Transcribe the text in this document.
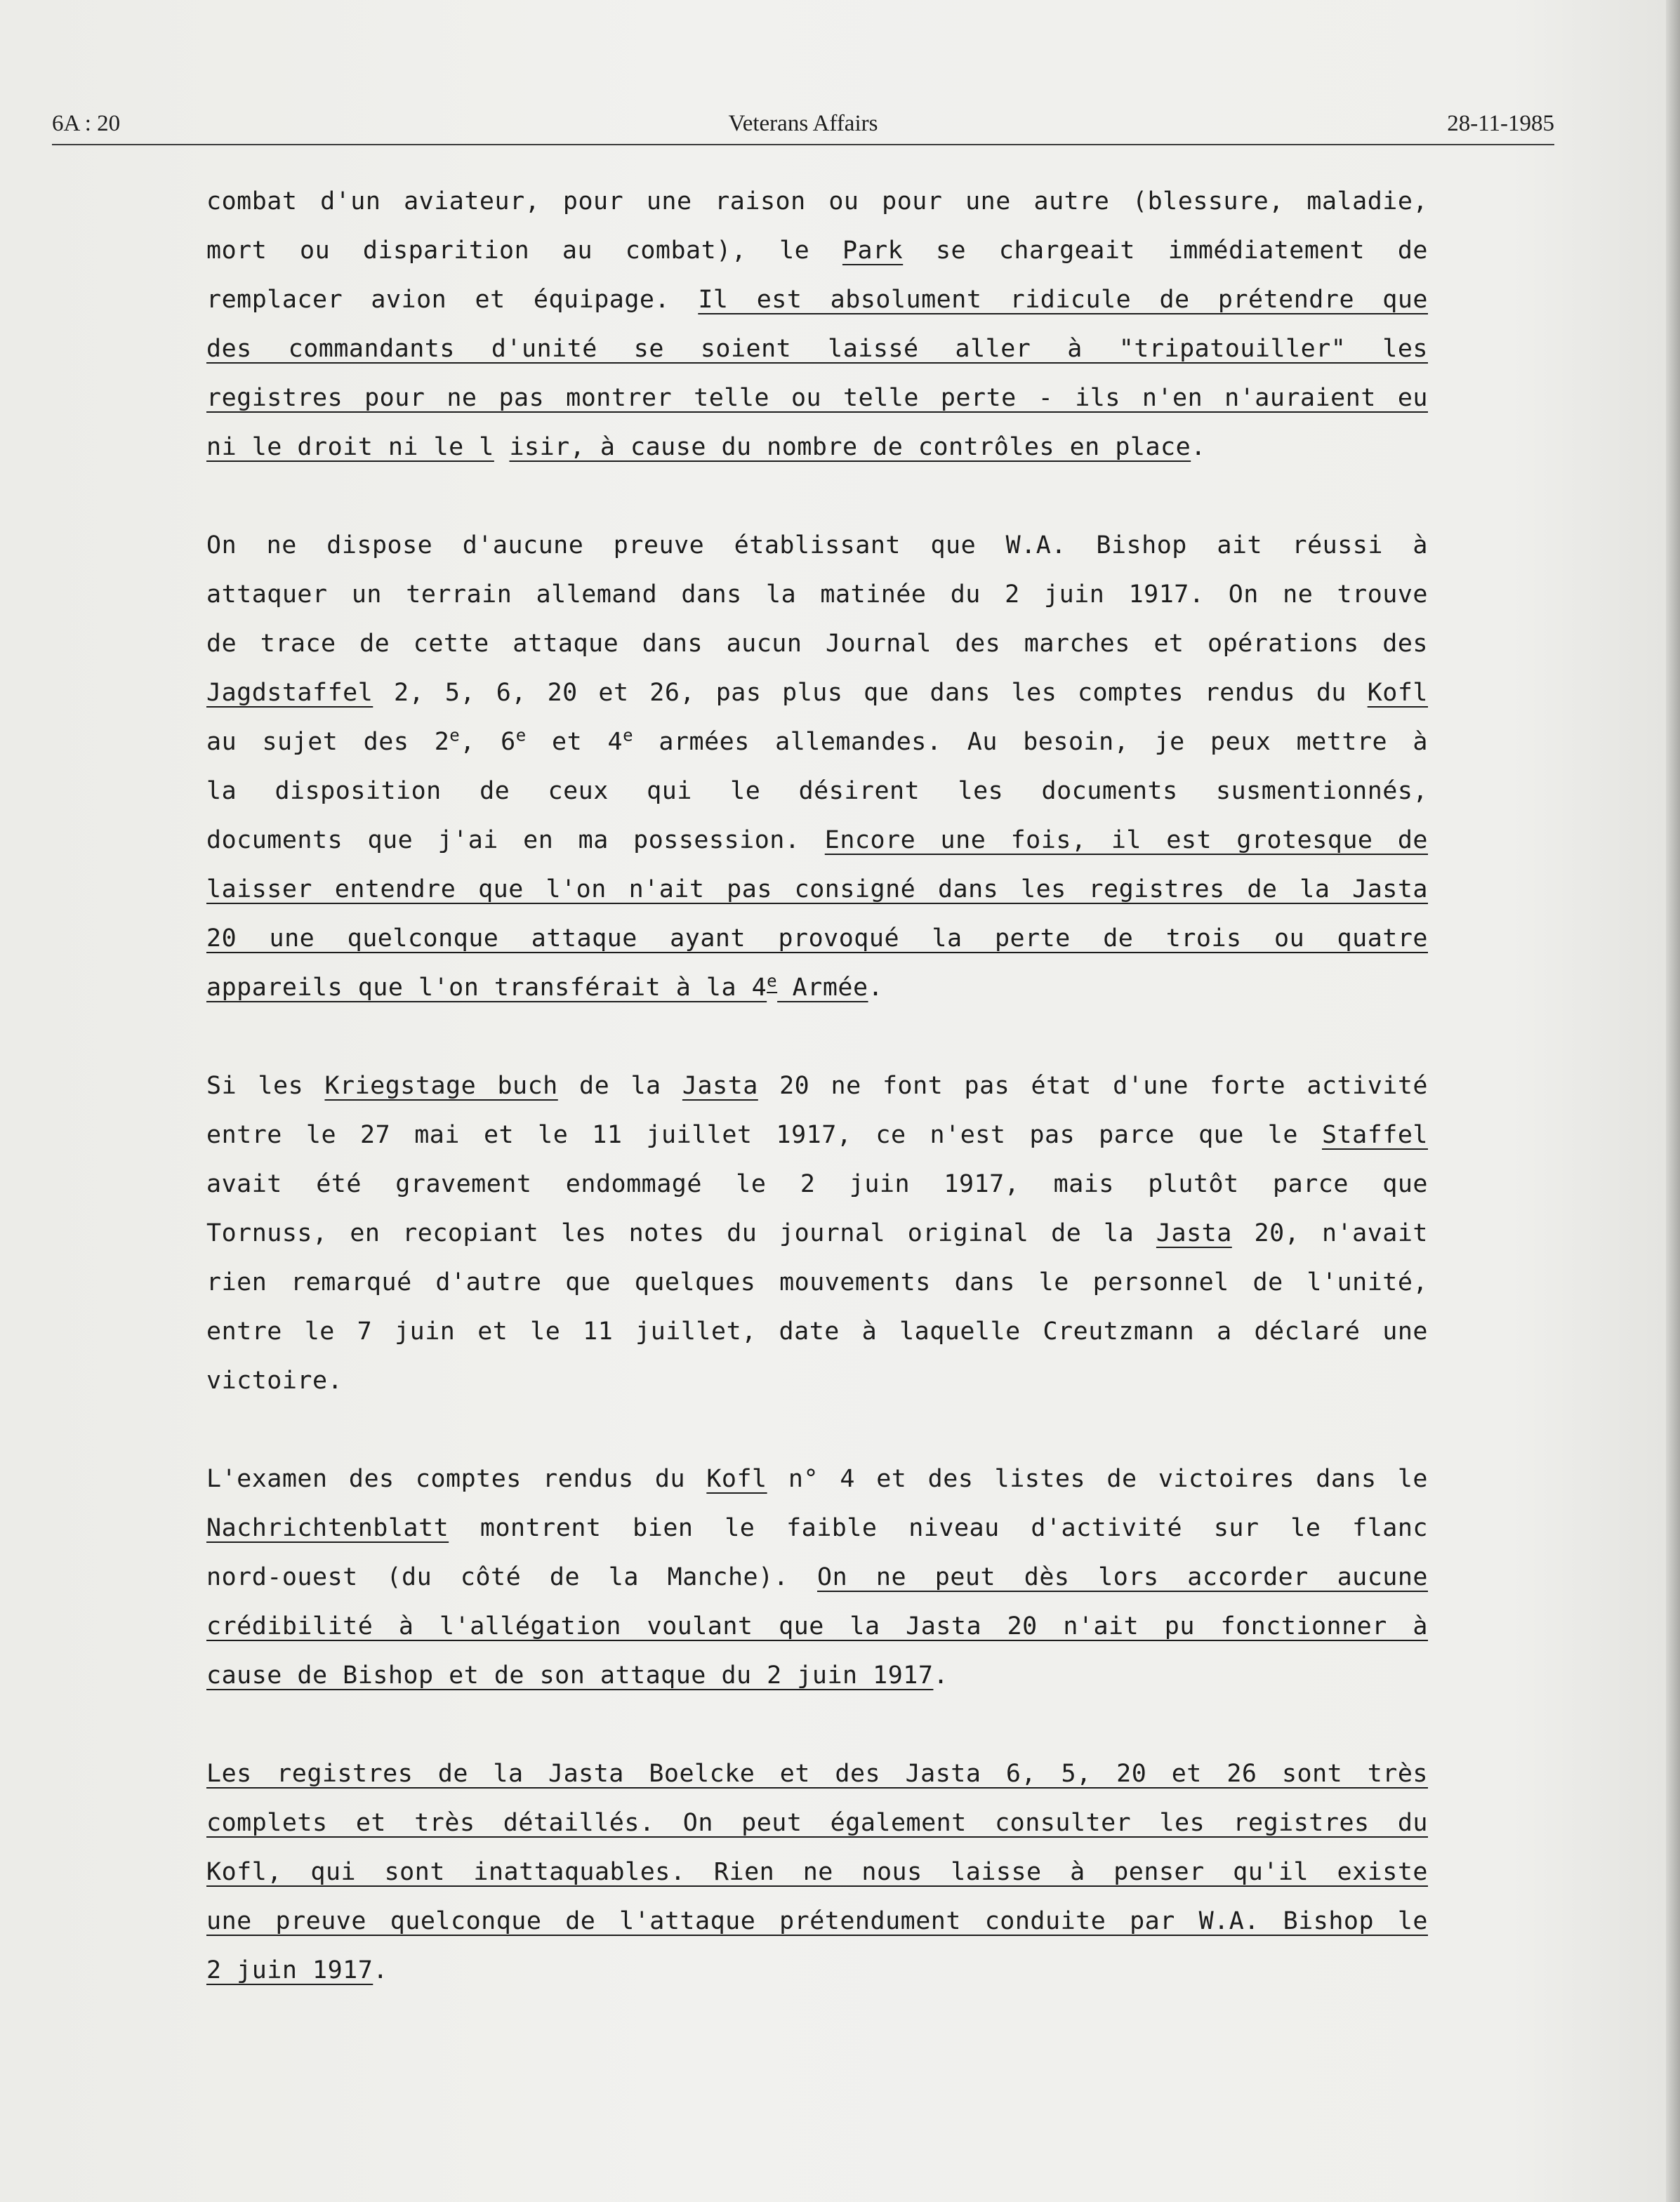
6A : 20	Veterans Affairs	28-11-1985
combat d'un aviateur, pour une raison ou pour une autre (blessure, maladie,
mort ou disparition au combat), le Park se chargeait immédiatement de
remplacer avion et équipage. Il est absolument ridicule de prétendre que
des commandants d'unité se soient laissé aller à "tripatouiller" les
registres pour ne pas montrer telle ou telle perte - ils n'en n'auraient eu
ni le droit ni le l isir, à cause du nombre de contrôles en place.
On ne dispose d'aucune preuve établissant que W.A. Bishop ait réussi à
attaquer un terrain allemand dans la matinée du 2 juin 1917. On ne trouve
de trace de cette attaque dans aucun Journal des marches et opérations des
Jagdstaffel 2, 5, 6, 20 et 26, pas plus que dans les comptes rendus du Kofl
au sujet des 2e, 6e et 4e armées allemandes. Au besoin, je peux mettre à
la disposition de ceux qui le désirent les documents susmentionnés,
documents que j'ai en ma possession. Encore une fois, il est grotesque de
laisser entendre que l'on n'ait pas consigné dans les registres de la Jasta
20 une quelconque attaque ayant provoqué la perte de trois ou quatre
appareils que l'on transférait à la 4e Armée.
Si les Kriegstage buch de la Jasta 20 ne font pas état d'une forte activité
entre le 27 mai et le 11 juillet 1917, ce n'est pas parce que le Staffel
avait été gravement endommagé le 2 juin 1917, mais plutôt parce que
Tornuss, en recopiant les notes du journal original de la Jasta 20, n'avait
rien remarqué d'autre que quelques mouvements dans le personnel de l'unité,
entre le 7 juin et le 11 juillet, date à laquelle Creutzmann a déclaré une
victoire.
L'examen des comptes rendus du Kofl n° 4 et des listes de victoires dans le
Nachrichtenblatt montrent bien le faible niveau d'activité sur le flanc
nord-ouest (du côté de la Manche). On ne peut dès lors accorder aucune
crédibilité à l'allégation voulant que la Jasta 20 n'ait pu fonctionner à
cause de Bishop et de son attaque du 2 juin 1917.
Les registres de la Jasta Boelcke et des Jasta 6, 5, 20 et 26 sont très
complets et très détaillés. On peut également consulter les registres du
Kofl, qui sont inattaquables. Rien ne nous laisse à penser qu'il existe
une preuve quelconque de l'attaque prétendument conduite par W.A. Bishop le
2 juin 1917.
